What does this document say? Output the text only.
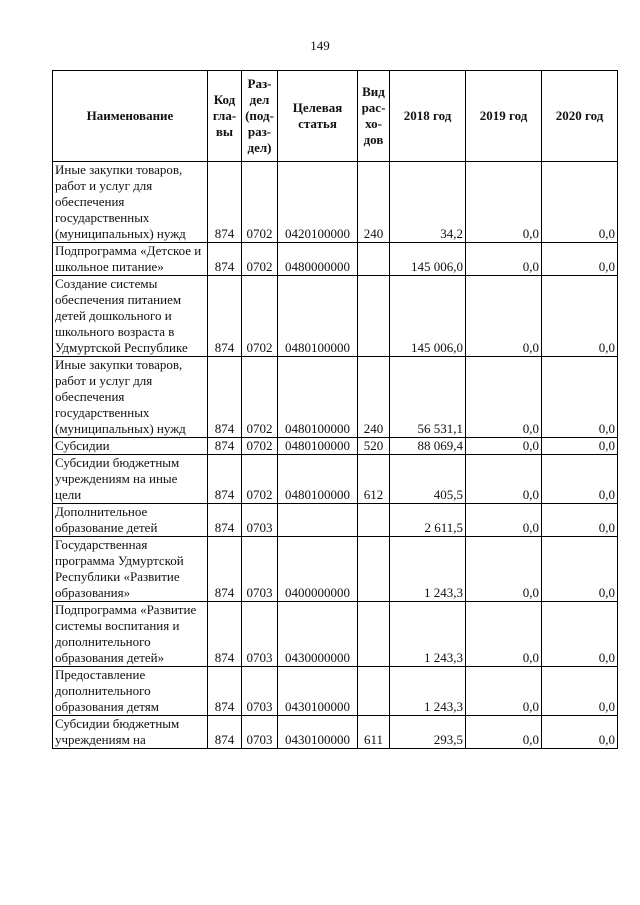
149
Наименование	Код гла-вы	Раз-дел (под-раз-дел)	Целевая статья	Вид рас-хо-дов	2018 год	2019 год	2020 год
Иные закупки товаров, работ и услуг для обеспечения государственных (муниципальных) нужд	874	0702	0420100000	240	34,2	0,0	0,0
Подпрограмма «Детское и школьное питание»	874	0702	0480000000		145 006,0	0,0	0,0
Создание системы обеспечения питанием детей дошкольного и школьного возраста в Удмуртской Республике	874	0702	0480100000		145 006,0	0,0	0,0
Иные закупки товаров, работ и услуг для обеспечения государственных (муниципальных) нужд	874	0702	0480100000	240	56 531,1	0,0	0,0
Субсидии	874	0702	0480100000	520	88 069,4	0,0	0,0
Субсидии бюджетным учреждениям на иные цели	874	0702	0480100000	612	405,5	0,0	0,0
Дополнительное образование детей	874	0703			2 611,5	0,0	0,0
Государственная программа Удмуртской Республики «Развитие образования»	874	0703	0400000000		1 243,3	0,0	0,0
Подпрограмма «Развитие системы воспитания и дополнительного образования детей»	874	0703	0430000000		1 243,3	0,0	0,0
Предоставление дополнительного образования детям	874	0703	0430100000		1 243,3	0,0	0,0
Субсидии бюджетным учреждениям на	874	0703	0430100000	611	293,5	0,0	0,0
